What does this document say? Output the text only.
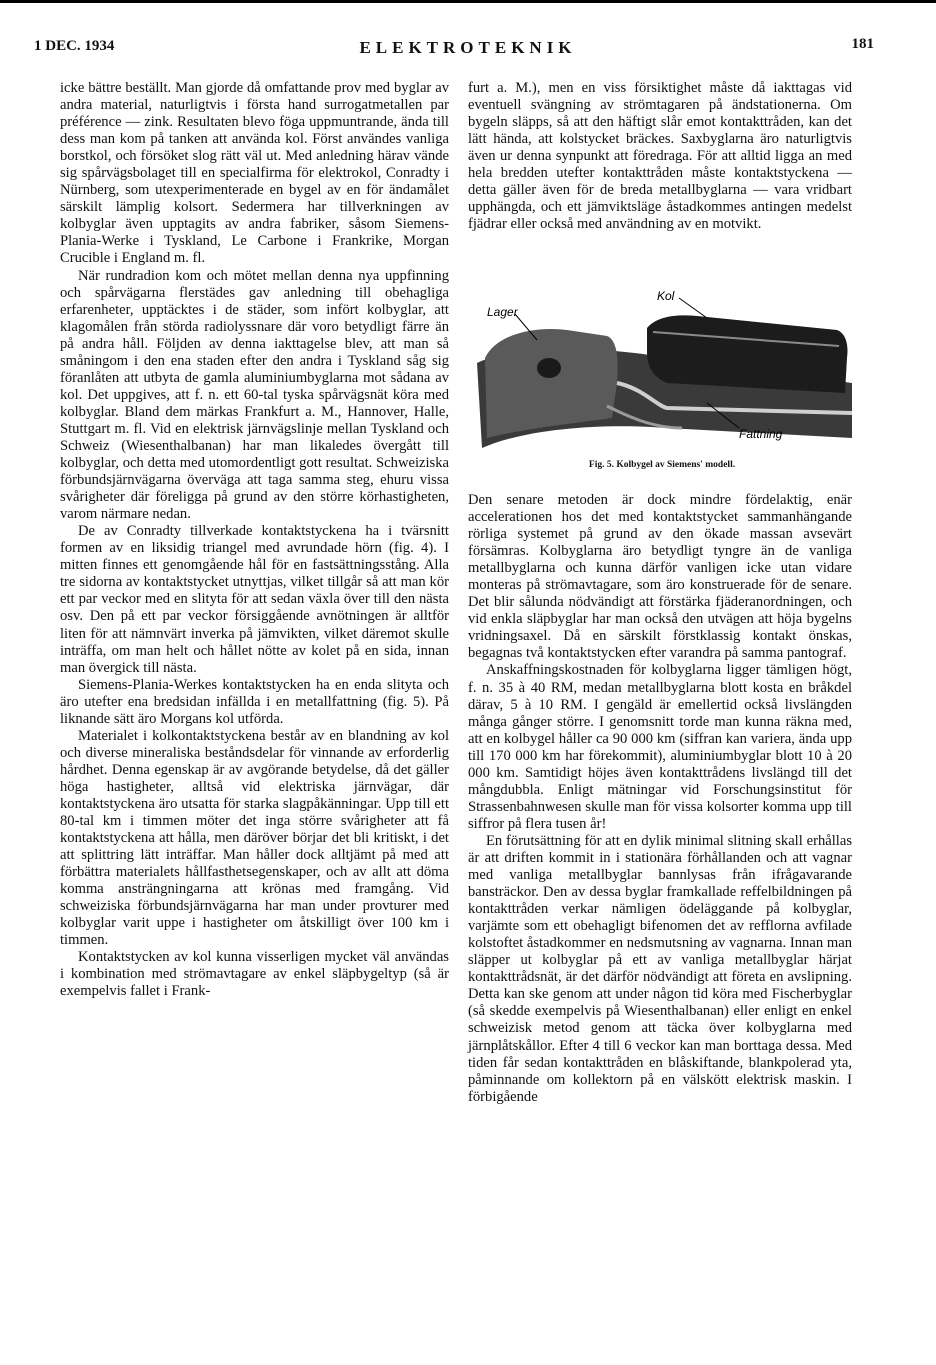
1 DEC. 1934	ELEKTROTEKNIK	181

icke bättre beställt. Man gjorde då omfattande prov med byglar av andra material, naturligtvis i första hand surrogatmetallen par préférence — zink. Resultaten blevo föga uppmuntrande, ända till dess man kom på tanken att använda kol. Först användes vanliga borstkol, och försöket slog rätt väl ut. Med anledning härav vände sig spårvägsbolaget till en specialfirma för elektrokol, Conradty i Nürnberg, som utexperimenterade en bygel av en för ändamålet särskilt lämplig kolsort. Sedermera har tillverkningen av kolbyglar även upptagits av andra fabriker, såsom Siemens-Plania-Werke i Tyskland, Le Carbone i Frankrike, Morgan Crucible i England m. fl.

När rundradion kom och mötet mellan denna nya uppfinning och spårvägarna flerstädes gav anledning till obehagliga erfarenheter, upptäcktes i de städer, som infört kolbyglar, att klagomålen från störda radiolyssnare där voro betydligt färre än på andra håll. Följden av denna iakttagelse blev, att man så småningom i den ena staden efter den andra i Tyskland såg sig föranlåten att utbyta de gamla aluminiumbyglarna mot sådana av kol. Det uppgives, att f. n. ett 60-tal tyska spårvägsnät köra med kolbyglar. Bland dem märkas Frankfurt a. M., Hannover, Halle, Stuttgart m. fl. Vid en elektrisk järnvägslinje mellan Tyskland och Schweiz (Wiesenthalbanan) har man likaledes övergått till kolbyglar, och detta med utomordentligt gott resultat. Schweiziska förbundsjärnvägarna överväga att taga samma steg, ehuru vissa svårigheter där föreligga på grund av den större körhastigheten, varom närmare nedan.

De av Conradty tillverkade kontaktstyckena ha i tvärsnitt formen av en liksidig triangel med avrundade hörn (fig. 4). I mitten finnes ett genomgående hål för en fastsättningsstång. Alla tre sidorna av kontaktstycket utnyttjas, vilket tillgår så att man kör ett par veckor med en slityta för att sedan växla över till den nästa osv. Den på ett par veckor försiggående avnötningen är alltför liten för att nämnvärt inverka på jämvikten, vilket däremot skulle inträffa, om man helt och hållet nötte av kolet på en sida, innan man övergick till nästa.

Siemens-Plania-Werkes kontaktstycken ha en enda slityta och äro utefter ena bredsidan infällda i en metallfattning (fig. 5). På liknande sätt äro Morgans kol utförda.

Materialet i kolkontaktstyckena består av en blandning av kol och diverse mineraliska beståndsdelar för vinnande av erforderlig hårdhet. Denna egenskap är av avgörande betydelse, då det gäller höga hastigheter, alltså vid elektriska järnvägar, där kontaktstyckena äro utsatta för starka slagpåkänningar. Upp till ett 80-tal km i timmen möter det inga större svårigheter att få kontaktstyckena att hålla, men däröver börjar det bli kritiskt, i det att splittring lätt inträffar. Man håller dock alltjämt på med att förbättra materialets hållfasthetsegenskaper, och av allt att döma komma ansträngningarna att krönas med framgång. Vid schweiziska förbundsjärnvägarna har man under provturer med kolbyglar varit uppe i hastigheter om åtskilligt över 100 km i timmen.

Kontaktstycken av kol kunna visserligen mycket väl användas i kombination med strömavtagare av enkel släpbygeltyp (så är exempelvis fallet i Frank-

furt a. M.), men en viss försiktighet måste då iakttagas vid eventuell svängning av strömtagaren på ändstationerna. Om bygeln släpps, så att den häftigt slår emot kontakttråden, kan det lätt hända, att kolstycket bräckes. Saxbyglarna äro naturligtvis även ur denna synpunkt att föredraga. För att alltid ligga an med hela bredden utefter kontakttråden måste kontaktstyckena — detta gäller även för de breda metallbyglarna — vara vridbart upphängda, och ett jämviktsläge åstadkommes antingen medelst fjädrar eller också med användning av en motvikt.

Lager
Kol
Fattning
Fig. 5. Kolbygel av Siemens' modell.

Den senare metoden är dock mindre fördelaktig, enär accelerationen hos det med kontaktstycket sammanhängande rörliga systemet på grund av den ökade massan avsevärt försämras. Kolbyglarna äro betydligt tyngre än de vanliga metallbyglarna och kunna därför vanligen icke utan vidare monteras på strömavtagare, som äro konstruerade för de senare. Det blir sålunda nödvändigt att förstärka fjäderanordningen, och vid enkla släpbyglar har man också den utvägen att höja bygelns vridningsaxel. Då en särskilt förstklassig kontakt önskas, begagnas två kontaktstycken efter varandra på samma pantograf.

Anskaffningskostnaden för kolbyglarna ligger tämligen högt, f. n. 35 à 40 RM, medan metallbyglarna blott kosta en bråkdel därav, 5 à 10 RM. I gengäld är emellertid också livslängden många gånger större. I genomsnitt torde man kunna räkna med, att en kolbygel håller ca 90 000 km (siffran kan variera, ända upp till 170 000 km har förekommit), aluminiumbyglar blott 10 à 20 000 km. Samtidigt höjes även kontakttrådens livslängd till det mångdubbla. Enligt mätningar vid Forschungsinstitut för Strassenbahnwesen skulle man för vissa kolsorter komma upp till siffror på flera tusen år!

En förutsättning för att en dylik minimal slitning skall erhållas är att driften kommit in i stationära förhållanden och att vagnar med vanliga metallbyglar bannlysas från ifrågavarande bansträckor. Den av dessa byglar framkallade reffelbildningen på kontakttråden verkar nämligen ödeläggande på kolbyglar, varjämte som ett obehagligt bifenomen det av refflorna avfilade kolstoftet åstadkommer en nedsmutsning av vagnarna. Innan man släpper ut kolbyglar på ett av vanliga metallbyglar härjat kontakttrådsnät, är det därför nödvändigt att företa en avslipning. Detta kan ske genom att under någon tid köra med Fischerbyglar (så skedde exempelvis på Wiesenthalbanan) eller enligt en enkel schweizisk metod genom att täcka över kolbyglarna med järnplåtskållor. Efter 4 till 6 veckor kan man borttaga dessa. Med tiden får sedan kontakttråden en blåskiftande, blankpolerad yta, påminnande om kollektorn på en välskött elektrisk maskin. I förbigående
